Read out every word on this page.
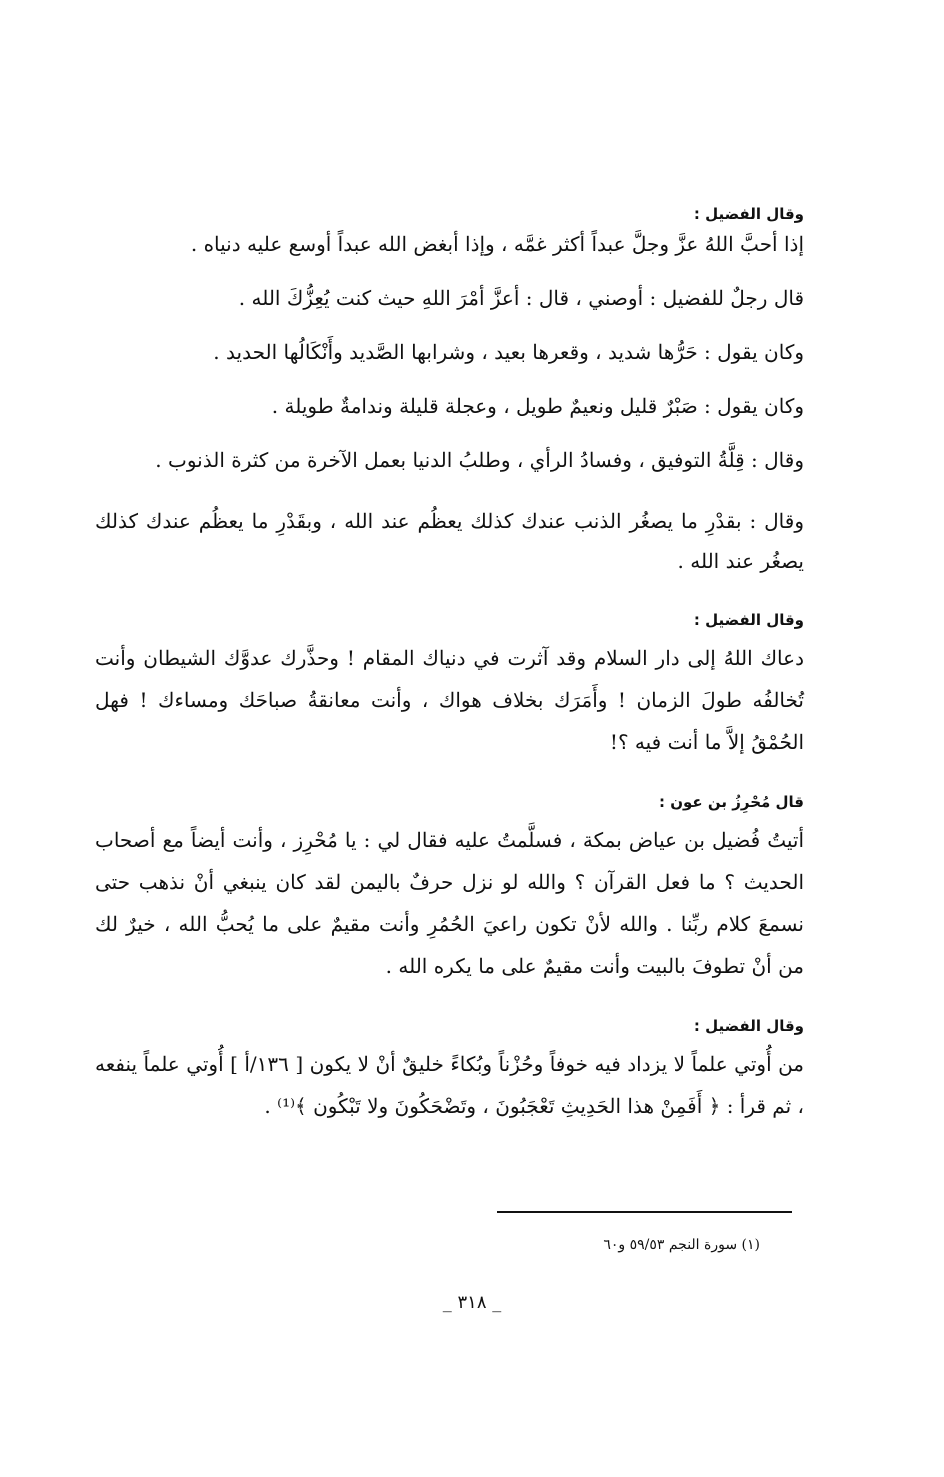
وقال الفضيل :
إذا أحبَّ اللهُ عزَّ وجلَّ عبداً أكثر غمَّه ، وإذا أبغض الله عبداً أوسع عليه دنياه .
قال رجلٌ للفضيل : أوصني ، قال : أعزَّ أمْرَ اللهِ حيث كنت يُعِزُّكَ الله .
وكان يقول : حَرُّها شديد ، وقعرها بعيد ، وشرابها الصَّديد وأَنْكَالُها الحديد .
وكان يقول : صَبْرٌ قليل ونعيمٌ طويل ، وعجلة قليلة وندامةٌ طويلة .
وقال : قِلَّةُ التوفيق ، وفسادُ الرأي ، وطلبُ الدنيا بعمل الآخرة من كثرة الذنوب .
وقال : بقدْرِ ما يصغُر الذنب عندك كذلك يعظُم عند الله ، وبقَدْرِ ما يعظُم عندك كذلك يصغُر عند الله .
وقال الفضيل :
دعاك اللهُ إلى دار السلام وقد آثرت في دنياك المقام ! وحذَّرك عدوَّك الشيطان وأنت تُخالفُه طولَ الزمان ! وأَمَرَك بخلاف هواك ، وأنت معانقةُ صباحَك ومساءك ! فهل الحُمْقُ إلاَّ ما أنت فيه ؟!
قال مُحْرِزُ بن عون :
أتيتُ فُضيل بن عياض بمكة ، فسلَّمتُ عليه فقال لي : يا مُحْرِز ، وأنت أيضاً مع أصحاب الحديث ؟ ما فعل القرآن ؟ والله لو نزل حرفٌ باليمن لقد كان ينبغي أنْ نذهب حتى نسمعَ كلام ربِّنا . والله لأنْ تكون راعيَ الحُمُرِ وأنت مقيمٌ على ما يُحبُّ الله ، خيرٌ لك من أنْ تطوفَ بالبيت وأنت مقيمٌ على ما يكره الله .
وقال الفضيل :
من أُوتي علماً لا يزداد فيه خوفاً وحُزْناً وبُكاءً خليقٌ أنْ لا يكون [ ١٣٦/أ ] أُوتي علماً ينفعه ، ثم قرأ : ﴿ أَفَمِنْ هذا الحَدِيثِ تَعْجَبُونَ ، وتَضْحَكُونَ ولا تَبْكُون ﴾⁽¹⁾ .
(١) سورة النجم ٥٩/٥٣ و٦٠
_ ٣١٨ _
